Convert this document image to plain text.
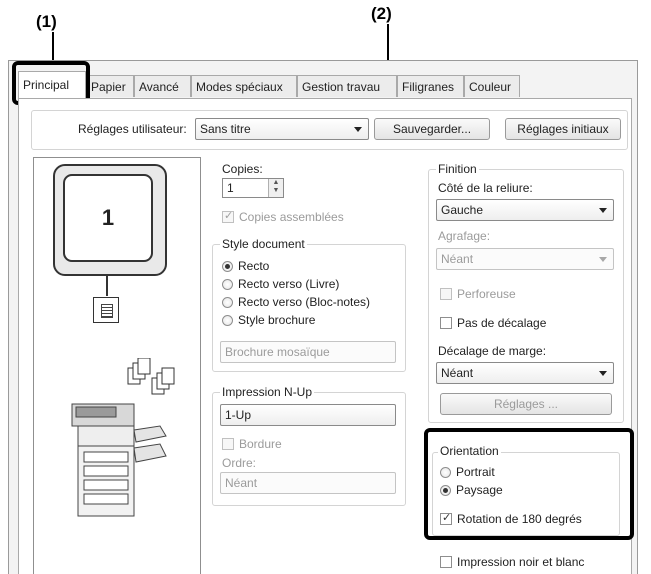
(1)	(2)
Principal	Papier	Avancé	Modes spéciaux	Gestion travau	Filigranes	Couleur
Réglages utilisateur:	Sans titre	Sauvegarder...	Réglages initiaux
1
Copies:
1	▲
▼
✓
Copies assemblées
Style document
Recto
Recto verso (Livre)
Recto verso (Bloc-notes)
Style brochure
Brochure mosaïque
Impression N-Up
1-Up
Bordure
Ordre:
Néant
Finition
Côté de la reliure:
Gauche
Agrafage:
Néant
Perforeuse
Pas de décalage
Décalage de marge:
Néant
Réglages ...
Orientation
Portrait
Paysage
✓
Rotation de 180 degrés
Impression noir et blanc
